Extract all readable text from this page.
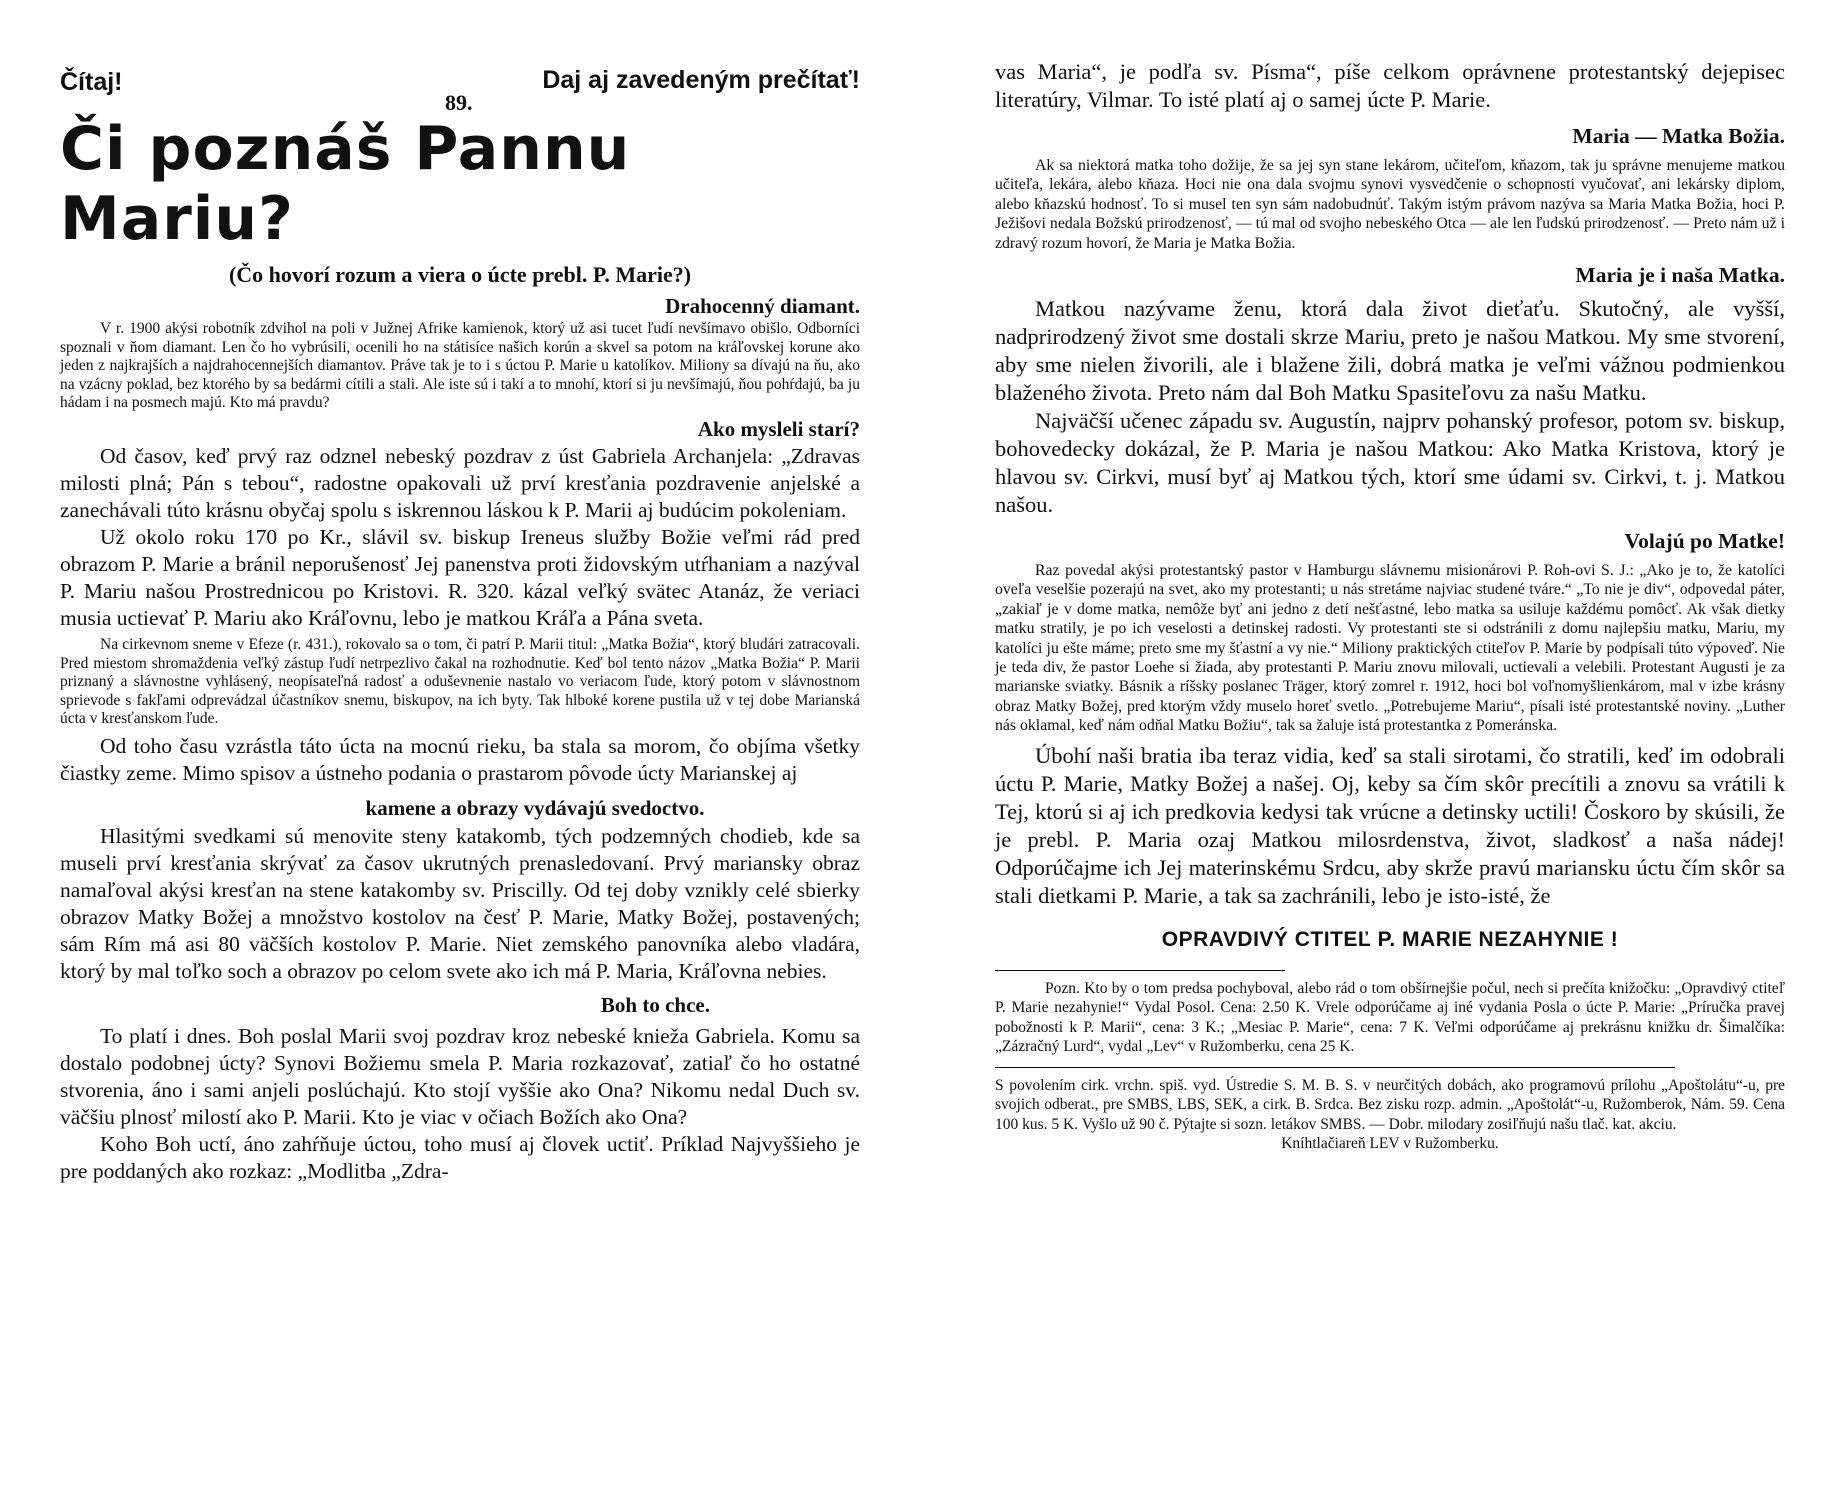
Čítaj!
89.
Daj aj zavedeným prečítať!
Či poznáš Pannu Mariu?
(Čo hovorí rozum a viera o úcte prebl. P. Marie?)
Drahocenný diamant.

V r. 1900 akýsi robotník zdvihol na poli v Južnej Afrike kamienok, ktorý už asi tucet ľudí nevšímavo obišlo. Odborníci spoznali v ňom diamant. Len čo ho vybrúsili, ocenili ho na státisíce našich korún a skvel sa potom na kráľovskej korune ako jeden z najkrajších a najdrahocennejších diamantov. Práve tak je to i s úctou P. Marie u katolíkov. Miliony sa dívajú na ňu, ako na vzácny poklad, bez ktorého by sa bedármi cítili a stali. Ale iste sú i takí a to mnohí, ktorí si ju nevšímajú, ňou pohŕdajú, ba ju hádam i na posmech majú. Kto má pravdu?

Ako mysleli starí?

Od časov, keď prvý raz odznel nebeský pozdrav z úst Gabriela Archanjela: „Zdravas milosti plná; Pán s tebou“, radostne opakovali už prví kresťania pozdravenie anjelské a zanechávali túto krásnu obyčaj spolu s iskrennou láskou k P. Marii aj budúcim pokoleniam.

Už okolo roku 170 po Kr., slávil sv. biskup Ireneus služby Božie veľmi rád pred obrazom P. Marie a bránil neporušenosť Jej panenstva proti židovským utŕhaniam a nazýval P. Mariu našou Prostrednicou po Kristovi. R. 320. kázal veľký svätec Atanáz, že veriaci musia uctievať P. Mariu ako Kráľovnu, lebo je matkou Kráľa a Pána sveta.

Na cirkevnom sneme v Efeze (r. 431.), rokovalo sa o tom, či patrí P. Marii titul: „Matka Božia“, ktorý bludári zatracovali. Pred miestom shromaždenia veľký zástup ľudí netrpezlivo čakal na rozhodnutie. Keď bol tento názov „Matka Božia“ P. Marii priznaný a slávnostne vyhlásený, neopísateľná radosť a oduševnenie nastalo vo veriacom ľude, ktorý potom v slávnostnom sprievode s fakľami odprevádzal účastníkov snemu, biskupov, na ich byty. Tak hlboké korene pustila už v tej dobe Marianská úcta v kresťanskom ľude.

Od toho času vzrástla táto úcta na mocnú rieku, ba stala sa morom, čo objíma všetky čiastky zeme. Mimo spisov a ústneho podania o prastarom pôvode úcty Marianskej aj

kamene a obrazy vydávajú svedoctvo.

Hlasitými svedkami sú menovite steny katakomb, tých podzemných chodieb, kde sa museli prví kresťania skrývať za časov ukrutných prenasledovaní. Prvý mariansky obraz namaľoval akýsi kresťan na stene katakomby sv. Priscilly. Od tej doby vznikly celé sbierky obrazov Matky Božej a množstvo kostolov na česť P. Marie, Matky Božej, postavených; sám Rím má asi 80 väčších kostolov P. Marie. Niet zemského panovníka alebo vladára, ktorý by mal toľko soch a obrazov po celom svete ako ich má P. Maria, Kráľovna nebies.

Boh to chce.

To platí i dnes. Boh poslal Marii svoj pozdrav kroz nebeské knieža Gabriela. Komu sa dostalo podobnej úcty? Synovi Božiemu smela P. Maria rozkazovať, zatiaľ čo ho ostatné stvorenia, áno i sami anjeli poslúchajú. Kto stojí vyššie ako Ona? Nikomu nedal Duch sv. väčšiu plnosť milostí ako P. Marii. Kto je viac v očiach Božích ako Ona?

Koho Boh uctí, áno zahŕňuje úctou, toho musí aj človek uctiť. Príklad Najvyššieho je pre poddaných ako rozkaz: „Modlitba „Zdra-

vas Maria“, je podľa sv. Písma“, píše celkom oprávnene protestantský dejepisec literatúry, Vilmar. To isté platí aj o samej úcte P. Marie.

Maria — Matka Božia.

Ak sa niektorá matka toho dožije, že sa jej syn stane lekárom, učiteľom, kňazom, tak ju správne menujeme matkou učiteľa, lekára, alebo kňaza. Hoci nie ona dala svojmu synovi vysvedčenie o schopnosti vyučovať, ani lekársky diplom, alebo kňazskú hodnosť. To si musel ten syn sám nadobudnúť. Takým istým právom nazýva sa Maria Matka Božia, hoci P. Ježišovi nedala Božskú prirodzenosť, — tú mal od svojho nebeského Otca — ale len ľudskú prirodzenosť. — Preto nám už i zdravý rozum hovorí, že Maria je Matka Božia.

Maria je i naša Matka.

Matkou nazývame ženu, ktorá dala život dieťaťu. Skutočný, ale vyšší, nadprirodzený život sme dostali skrze Mariu, preto je našou Matkou. My sme stvorení, aby sme nielen živorili, ale i blažene žili, dobrá matka je veľmi vážnou podmienkou blaženého života. Preto nám dal Boh Matku Spasiteľovu za našu Matku.

Najväčší učenec západu sv. Augustín, najprv pohanský profesor, potom sv. biskup, bohovedecky dokázal, že P. Maria je našou Matkou: Ako Matka Kristova, ktorý je hlavou sv. Cirkvi, musí byť aj Matkou tých, ktorí sme údami sv. Cirkvi, t. j. Matkou našou.

Volajú po Matke!

Raz povedal akýsi protestantský pastor v Hamburgu slávnemu misionárovi P. Roh-ovi S. J.: „Ako je to, že katolíci oveľa veselšie pozerajú na svet, ako my protestanti; u nás stretáme najviac studené tváre.“ „To nie je div“, odpovedal páter, „zakiaľ je v dome matka, nemôže byť ani jedno z detí nešťastné, lebo matka sa usiluje každému pomôcť. Ak však dietky matku stratily, je po ich veselosti a detinskej radosti. Vy protestanti ste si odstránili z domu najlepšiu matku, Mariu, my katolíci ju ešte máme; preto sme my šťastní a vy nie.“ Miliony praktických ctiteľov P. Marie by podpísali túto výpoveď. Nie je teda div, že pastor Loehe si žiada, aby protestanti P. Mariu znovu milovali, uctievali a velebili. Protestant Augusti je za marianske sviatky. Básnik a ríšsky poslanec Träger, ktorý zomrel r. 1912, hoci bol voľnomyšlienkárom, mal v izbe krásny obraz Matky Božej, pred ktorým vždy muselo horeť svetlo. „Potrebujeme Mariu“, písali isté protestantské noviny. „Luther nás oklamal, keď nám odňal Matku Božiu“, tak sa žaluje istá protestantka z Pomeránska.

Úbohí naši bratia iba teraz vidia, keď sa stali sirotami, čo stratili, keď im odobrali úctu P. Marie, Matky Božej a našej. Oj, keby sa čím skôr precítili a znovu sa vrátili k Tej, ktorú si aj ich predkovia kedysi tak vrúcne a detinsky uctili! Čoskoro by skúsili, že je prebl. P. Maria ozaj Matkou milosrdenstva, život, sladkosť a naša nádej! Odporúčajme ich Jej materinskému Srdcu, aby skrže pravú mariansku úctu čím skôr sa stali dietkami P. Marie, a tak sa zachránili, lebo je isto-isté, že

OPRAVDIVÝ CTITEĽ P. MARIE NEZAHYNIE !

Pozn. Kto by o tom predsa pochyboval, alebo rád o tom obšírnejšie počul, nech si prečíta knižočku: „Opravdivý ctiteľ P. Marie nezahynie!“ Vydal Posol. Cena: 2.50 K. Vrele odporúčame aj iné vydania Posla o úcte P. Marie: „Príručka pravej pobožnosti k P. Marii“, cena: 3 K.; „Mesiac P. Marie“, cena: 7 K. Veľmi odporúčame aj prekrásnu knižku dr. Šimalčíka: „Zázračný Lurd“, vydal „Lev“ v Ružomberku, cena 25 K.

S povolením cirk. vrchn. spiš. vyd. Ústredie S. M. B. S. v neurčitých dobách, ako programovú prílohu „Apoštolátu“-u, pre svojich odberat., pre SMBS, LBS, SEK, a cirk. B. Srdca. Bez zisku rozp. admin. „Apoštolát“-u, Ružomberok, Nám. 59. Cena 100 kus. 5 K. Vyšlo už 90 č. Pýtajte si sozn. letákov SMBS. — Dobr. milodary zosiľňujú našu tlač. kat. akciu.

Kníhtlačiareň LEV v Ružomberku.
